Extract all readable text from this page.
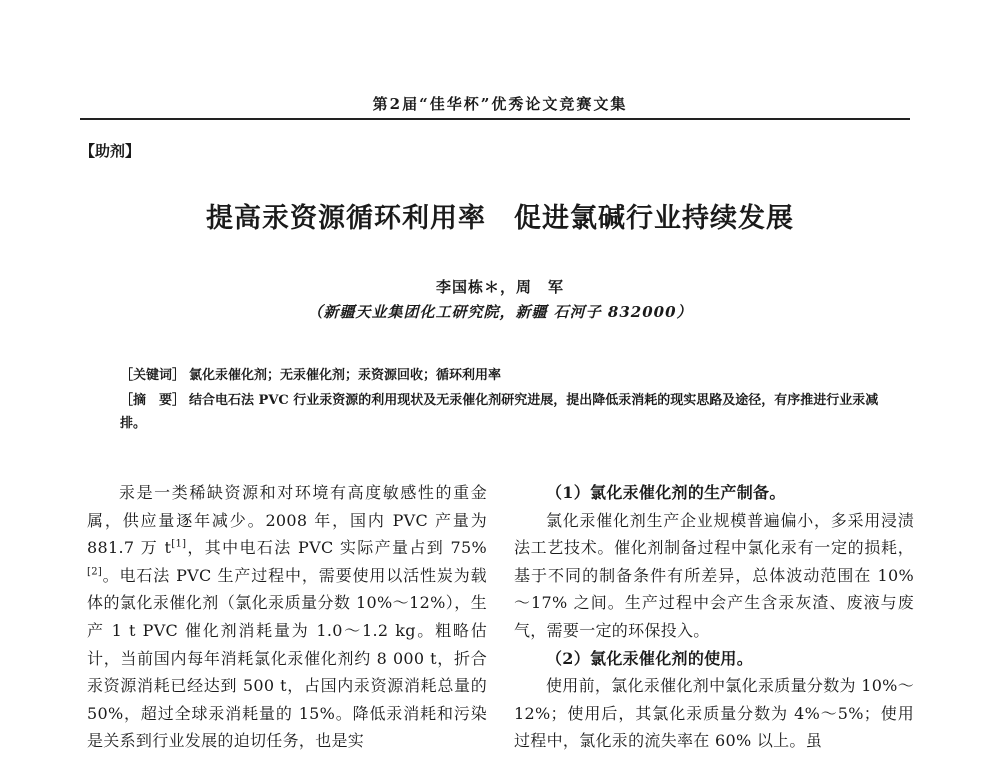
第2届“佳华杯”优秀论文竞赛文集
【助剂】
提高汞资源循环利用率　促进氯碱行业持续发展
李国栋＊，周　军
（新疆天业集团化工研究院，新疆 石河子 832000）
［关键词］ 氯化汞催化剂；无汞催化剂；汞资源回收；循环利用率
［摘　要］ 结合电石法 PVC 行业汞资源的利用现状及无汞催化剂研究进展，提出降低汞消耗的现实思路及途径，有序推进行业汞减排。

汞是一类稀缺资源和对环境有高度敏感性的重金属，供应量逐年减少。2008 年，国内 PVC 产量为 881.7 万 t[1]，其中电石法 PVC 实际产量占到 75%[2]。电石法 PVC 生产过程中，需要使用以活性炭为载体的氯化汞催化剂（氯化汞质量分数 10%～12%），生产 1 t PVC 催化剂消耗量为 1.0～1.2 kg。粗略估计，当前国内每年消耗氯化汞催化剂约 8 000 t，折合汞资源消耗已经达到 500 t，占国内汞资源消耗总量的 50%，超过全球汞消耗量的 15%。降低汞消耗和污染是关系到行业发展的迫切任务，也是实

（1）氯化汞催化剂的生产制备。

氯化汞催化剂生产企业规模普遍偏小，多采用浸渍法工艺技术。催化剂制备过程中氯化汞有一定的损耗，基于不同的制备条件有所差异，总体波动范围在 10%～17% 之间。生产过程中会产生含汞灰渣、废液与废气，需要一定的环保投入。

（2）氯化汞催化剂的使用。

使用前，氯化汞催化剂中氯化汞质量分数为 10%～12%；使用后，其氯化汞质量分数为 4%～5%；使用过程中，氯化汞的流失率在 60% 以上。虽
